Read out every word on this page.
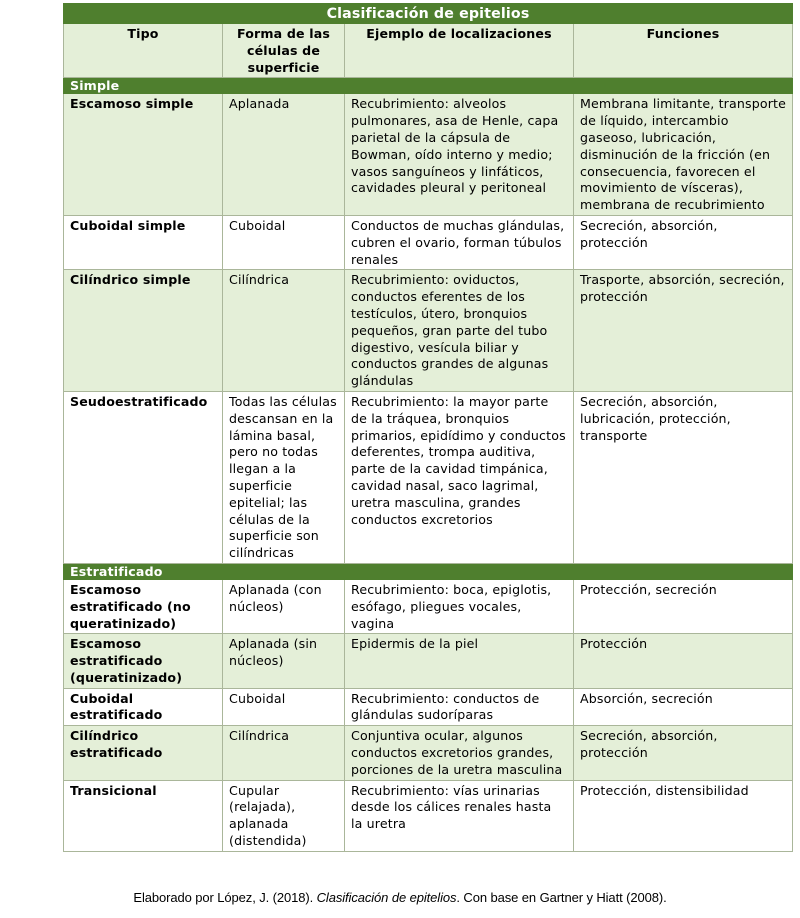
Clasificación de epitelios			
Tipo	Forma de las células de superficie	Ejemplo de localizaciones	Funciones
Simple			
Escamoso simple	Aplanada	Recubrimiento: alveolos pulmonares, asa de Henle, capa parietal de la cápsula de Bowman, oído interno y medio; vasos sanguíneos y linfáticos, cavidades pleural y peritoneal	Membrana limitante, transporte de líquido, intercambio gaseoso, lubricación, disminución de la fricción (en consecuencia, favorecen el movimiento de vísceras), membrana de recubrimiento
Cuboidal simple	Cuboidal	Conductos de muchas glándulas, cubren el ovario, forman túbulos renales	Secreción, absorción, protección
Cilíndrico simple	Cilíndrica	Recubrimiento: oviductos, conductos eferentes de los testículos, útero, bronquios pequeños, gran parte del tubo digestivo, vesícula biliar y conductos grandes de algunas glándulas	Trasporte, absorción, secreción, protección
Seudoestratificado	Todas las células descansan en la lámina basal, pero no todas llegan a la superficie epitelial; las células de la superficie son cilíndricas	Recubrimiento: la mayor parte de la tráquea, bronquios primarios, epidídimo y conductos deferentes, trompa auditiva, parte de la cavidad timpánica, cavidad nasal, saco lagrimal, uretra masculina, grandes conductos excretorios	Secreción, absorción, lubricación, protección, transporte
Estratificado			
Escamoso estratificado (no queratinizado)	Aplanada (con núcleos)	Recubrimiento: boca, epiglotis, esófago, pliegues vocales, vagina	Protección, secreción
Escamoso estratificado (queratinizado)	Aplanada (sin núcleos)	Epidermis de la piel	Protección
Cuboidal estratificado	Cuboidal	Recubrimiento: conductos de glándulas sudoríparas	Absorción, secreción
Cilíndrico estratificado	Cilíndrica	Conjuntiva ocular, algunos conductos excretorios grandes, porciones de la uretra masculina	Secreción, absorción, protección
Transicional	Cupular (relajada), aplanada (distendida)	Recubrimiento: vías urinarias desde los cálices renales hasta la uretra	Protección, distensibilidad
Elaborado por López, J. (2018). Clasificación de epitelios. Con base en Gartner y Hiatt (2008).
